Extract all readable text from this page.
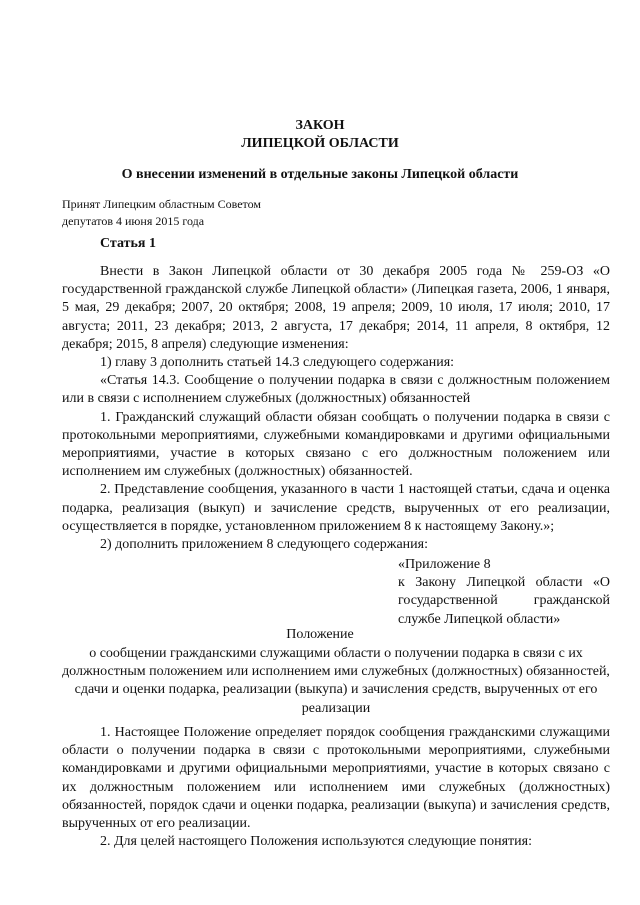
ЗАКОН
ЛИПЕЦКОЙ ОБЛАСТИ
О внесении изменений в отдельные законы Липецкой области
Принят Липецким областным Советом
депутатов 4 июня 2015 года
Статья 1

Внести в Закон Липецкой области от 30 декабря 2005 года № 259-ОЗ «О государственной гражданской службе Липецкой области» (Липецкая газета, 2006, 1 января, 5 мая, 29 декабря; 2007, 20 октября; 2008, 19 апреля; 2009, 10 июля, 17 июля; 2010, 17 августа; 2011, 23 декабря; 2013, 2 августа, 17 декабря; 2014, 11 апреля, 8 октября, 12 декабря; 2015, 8 апреля) следующие изменения:

1) главу 3 дополнить статьей 14.3 следующего содержания:

«Статья 14.3. Сообщение о получении подарка в связи с должностным положением или в связи с исполнением служебных (должностных) обязанностей

1. Гражданский служащий области обязан сообщать о получении подарка в связи с протокольными мероприятиями, служебными командировками и другими официальными мероприятиями, участие в которых связано с его должностным положением или исполнением им служебных (должностных) обязанностей.

2. Представление сообщения, указанного в части 1 настоящей статьи, сдача и оценка подарка, реализация (выкуп) и зачисление средств, вырученных от его реализации, осуществляется в порядке, установленном приложением 8 к настоящему Закону.»;

2) дополнить приложением 8 следующего содержания:

«Приложение 8

к Закону Липецкой области «О государственной гражданской службе Липецкой области»

Положение
о сообщении гражданскими служащими области о получении подарка в связи с их должностным положением или исполнением ими служебных (должностных) обязанностей, сдачи и оценки подарка, реализации (выкупа) и зачисления средств, вырученных от его реализации

1. Настоящее Положение определяет порядок сообщения гражданскими служащими области о получении подарка в связи с протокольными мероприятиями, служебными командировками и другими официальными мероприятиями, участие в которых связано с их должностным положением или исполнением ими служебных (должностных) обязанностей, порядок сдачи и оценки подарка, реализации (выкупа) и зачисления средств, вырученных от его реализации.

2. Для целей настоящего Положения используются следующие понятия:
